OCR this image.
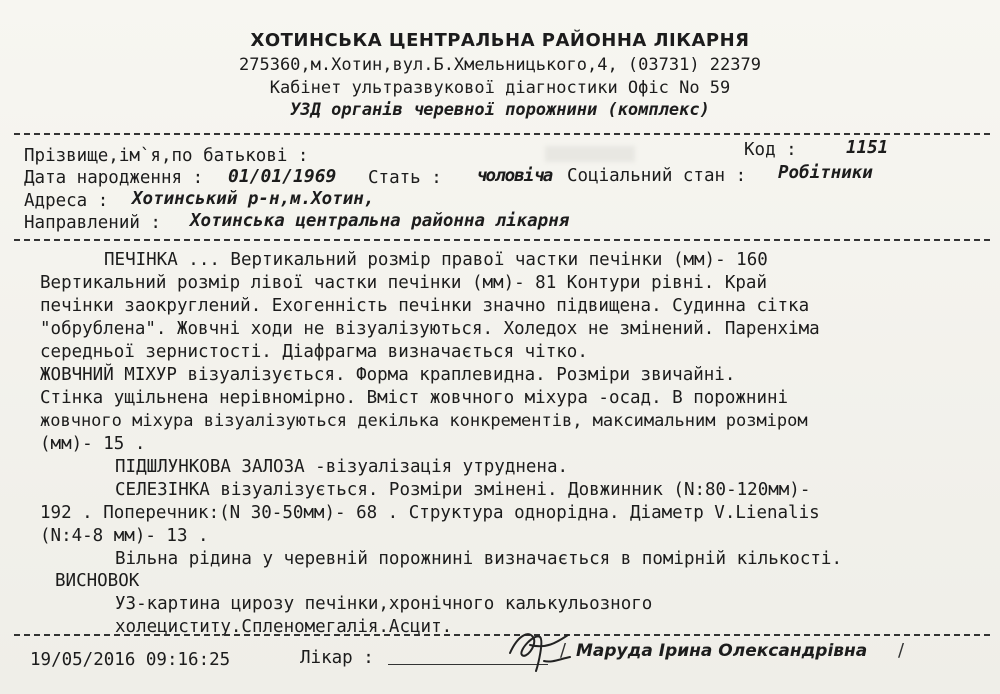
ХОТИНСЬКА ЦЕНТРАЛЬНА РАЙОННА ЛІКАРНЯ
275360,м.Хотин,вул.Б.Хмельницького,4, (03731) 22379
Кабінет ультразвукової діагностики Офіс No 59
УЗД органів черевної порожнини (комплекс)
Прізвище,ім`я,по батькові :	Код :	1151
Дата народження : 01/01/1969 Стать : чоловіча Соціальний стан : Робітники
Адреса : Хотинський р-н,м.Хотин,
Направлений : Хотинська центральна районна лікарня
ПЕЧІНКА ... Вертикальний розмір правої частки печінки (мм)- 160
Вертикальний розмір лівої частки печінки (мм)- 81 Контури рівні. Край
печінки заокруглений. Ехогенність печінки значно підвищена. Судинна сітка
"обрублена". Жовчні ходи не візуалізуються. Холедох не змінений. Паренхіма
середньої зернистості. Діафрагма визначається чітко.
ЖОВЧНИЙ МІХУР візуалізується. Форма краплевидна. Розміри звичайні.
Стінка ущільнена нерівномірно. Вміст жовчного міхура -осад. В порожнині
жовчного міхура візуалізуються декілька конкрементів, максимальним розміром
(мм)- 15 .
ПІДШЛУНКОВА ЗАЛОЗА -візуалізація утруднена.
СЕЛЕЗІНКА візуалізується. Розміри змінені. Довжинник (N:80-120мм)-
192 . Поперечник:(N 30-50мм)- 68 . Структура однорідна. Діаметр V.Lienalis
(N:4-8 мм)- 13 .
Вільна рідина у черевній порожнині визначається в помірній кількості.
ВИСНОВОК
УЗ-картина цирозу печінки,хронічного калькульозного
холециститу.Спленомегалія.Асцит.
19/05/2016 09:16:25	Лікар :	/ Маруда Ірина Олександрівна /
